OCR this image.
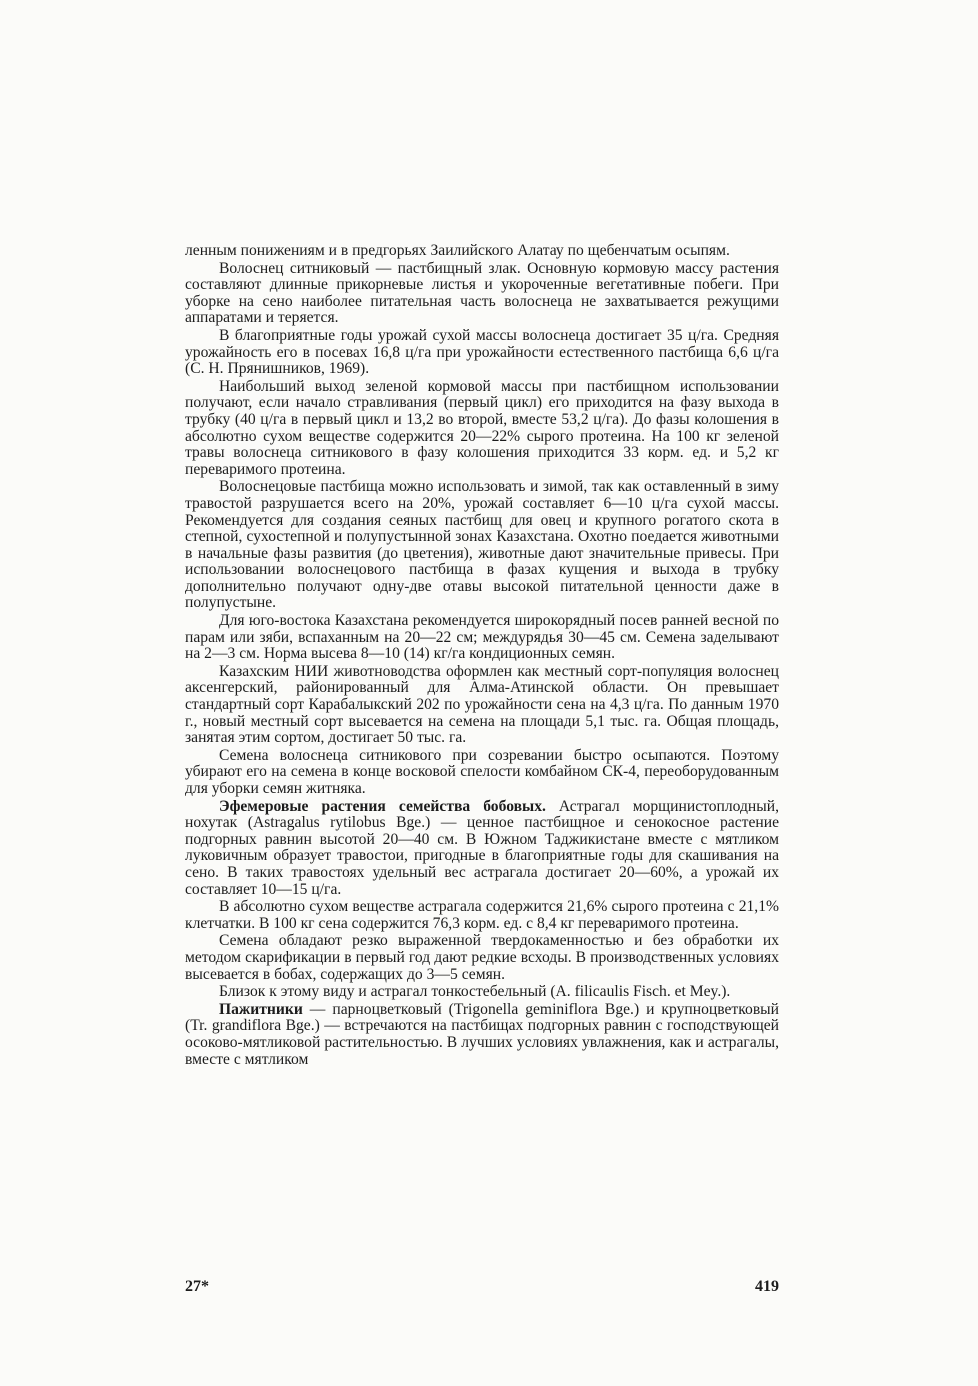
ленным понижениям и в предгорьях Заилийского Алатау по щебенчатым осыпям.

Волоснец ситниковый — пастбищный злак. Основную кормовую массу растения составляют длинные прикорневые листья и укороченные вегетативные побеги. При уборке на сено наиболее питательная часть волоснеца не захватывается режущими аппаратами и теряется.

В благоприятные годы урожай сухой массы волоснеца достигает 35 ц/га. Средняя урожайность его в посевах 16,8 ц/га при урожайности естественного пастбища 6,6 ц/га (С. Н. Прянишников, 1969).

Наибольший выход зеленой кормовой массы при пастбищном использовании получают, если начало стравливания (первый цикл) его приходится на фазу выхода в трубку (40 ц/га в первый цикл и 13,2 во второй, вместе 53,2 ц/га). До фазы колошения в абсолютно сухом веществе содержится 20—22% сырого протеина. На 100 кг зеленой травы волоснеца ситникового в фазу колошения приходится 33 корм. ед. и 5,2 кг переваримого протеина.

Волоснецовые пастбища можно использовать и зимой, так как оставленный в зиму травостой разрушается всего на 20%, урожай составляет 6—10 ц/га сухой массы. Рекомендуется для создания сеяных пастбищ для овец и крупного рогатого скота в степной, сухостепной и полупустынной зонах Казахстана. Охотно поедается животными в начальные фазы развития (до цветения), животные дают значительные привесы. При использовании волоснецового пастбища в фазах кущения и выхода в трубку дополнительно получают одну-две отавы высокой питательной ценности даже в полупустыне.

Для юго-востока Казахстана рекомендуется широкорядный посев ранней весной по парам или зяби, вспаханным на 20—22 см; междурядья 30—45 см. Семена заделывают на 2—3 см. Норма высева 8—10 (14) кг/га кондиционных семян.

Казахским НИИ животноводства оформлен как местный сорт-популяция волоснец аксенгерский, районированный для Алма-Атинской области. Он превышает стандартный сорт Карабалыкский 202 по урожайности сена на 4,3 ц/га. По данным 1970 г., новый местный сорт высевается на семена на площади 5,1 тыс. га. Общая площадь, занятая этим сортом, достигает 50 тыс. га.

Семена волоснеца ситникового при созревании быстро осыпаются. Поэтому убирают его на семена в конце восковой спелости комбайном СК-4, переоборудованным для уборки семян житняка.

Эфемеровые растения семейства бобовых. Астрагал морщинистоплодный, нохутак (Astragalus rytilobus Bge.) — ценное пастбищное и сенокосное растение подгорных равнин высотой 20—40 см. В Южном Таджикистане вместе с мятликом луковичным образует травостои, пригодные в благоприятные годы для скашивания на сено. В таких травостоях удельный вес астрагала достигает 20—60%, а урожай их составляет 10—15 ц/га.

В абсолютно сухом веществе астрагала содержится 21,6% сырого протеина с 21,1% клетчатки. В 100 кг сена содержится 76,3 корм. ед. с 8,4 кг переваримого протеина.

Семена обладают резко выраженной твердокаменностью и без обработки их методом скарификации в первый год дают редкие всходы. В производственных условиях высевается в бобах, содержащих до 3—5 семян.

Близок к этому виду и астрагал тонкостебельный (A. filicaulis Fisch. et Mey.).

Пажитники — парноцветковый (Trigonella geminiflora Bge.) и крупноцветковый (Tr. grandiflora Bge.) — встречаются на пастбищах подгорных равнин с господствующей осоково-мятликовой растительностью. В лучших условиях увлажнения, как и астрагалы, вместе с мятликом

27*	419
